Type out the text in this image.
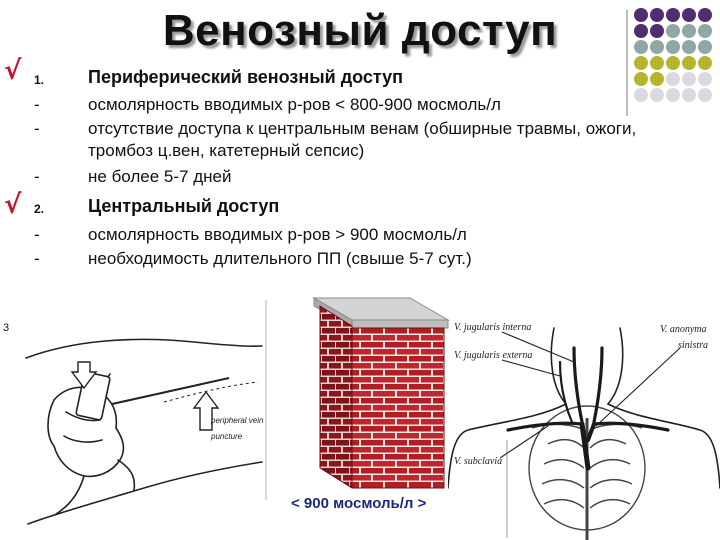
Венозный доступ
√
√
1.	Периферический венозный доступ
-	осмолярность вводимых р-ров < 800-900 мосмоль/л
-	отсутствие доступа к центральным венам (обширные травмы, ожоги,
тромбоз ц.вен, катетерный сепсис)
-	не более 5-7 дней
2.	Центральный доступ
-	осмолярность вводимых р-ров > 900 мосмоль/л
-	необходимость длительного ПП (свыше 5-7 сут.)
3
peripheral vein
puncture
< 900 мосмоль/л >
V. jugularis interna
V. jugularis externa
V. subclavia
V. anonyma
sinistra
